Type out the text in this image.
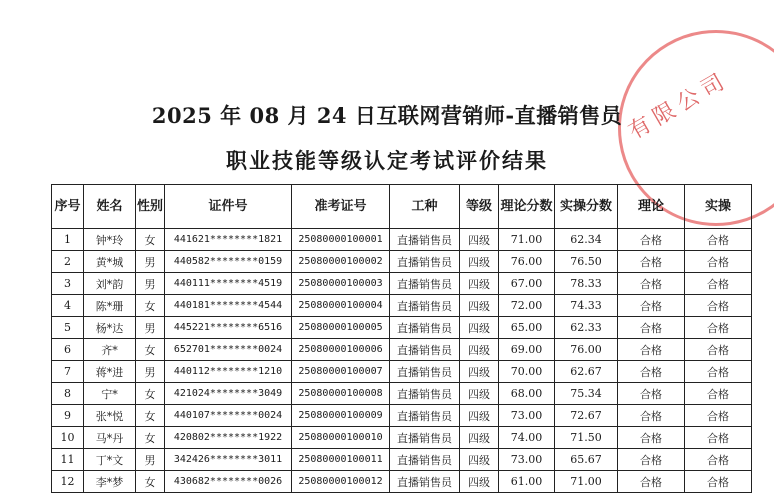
有限公司
2025 年 08 月 24 日互联网营销师-直播销售员
职业技能等级认定考试评价结果
序号	姓名	性别	证件号	准考证号	工种	等级	理论分数	实操分数	理论	实操
1	钟*玲	女	441621********1821	25080000100001	直播销售员	四级	71.00	62.34	合格	合格
2	黄*城	男	440582********0159	25080000100002	直播销售员	四级	76.00	76.50	合格	合格
3	刘*韵	男	440111********4519	25080000100003	直播销售员	四级	67.00	78.33	合格	合格
4	陈*珊	女	440181********4544	25080000100004	直播销售员	四级	72.00	74.33	合格	合格
5	杨*达	男	445221********6516	25080000100005	直播销售员	四级	65.00	62.33	合格	合格
6	齐*	女	652701********0024	25080000100006	直播销售员	四级	69.00	76.00	合格	合格
7	蒋*进	男	440112********1210	25080000100007	直播销售员	四级	70.00	62.67	合格	合格
8	宁*	女	421024********3049	25080000100008	直播销售员	四级	68.00	75.34	合格	合格
9	张*悦	女	440107********0024	25080000100009	直播销售员	四级	73.00	72.67	合格	合格
10	马*丹	女	420802********1922	25080000100010	直播销售员	四级	74.00	71.50	合格	合格
11	丁*文	男	342426********3011	25080000100011	直播销售员	四级	73.00	65.67	合格	合格
12	李*梦	女	430682********0026	25080000100012	直播销售员	四级	61.00	71.00	合格	合格
